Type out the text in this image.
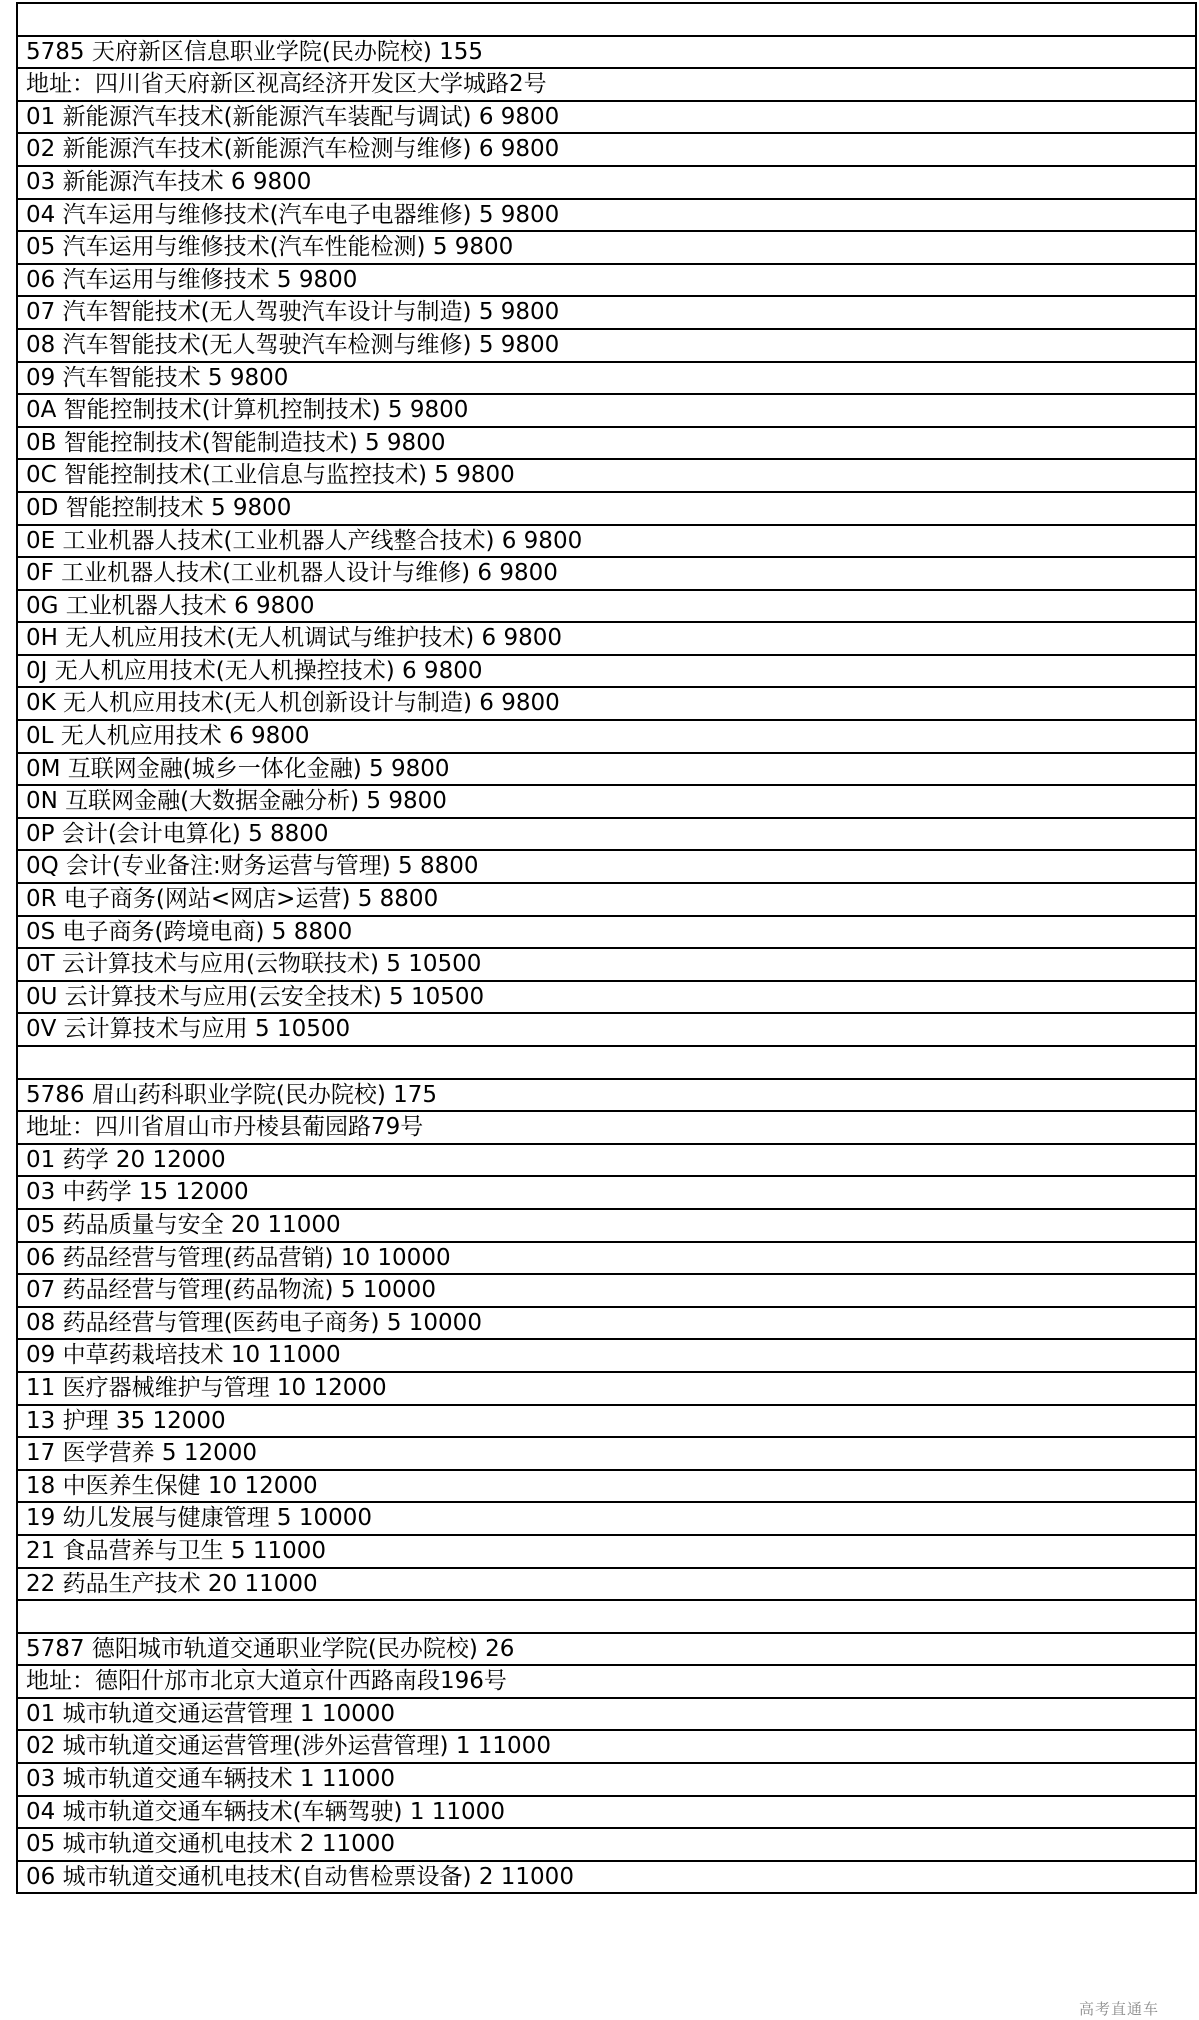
5785 天府新区信息职业学院(民办院校) 155
地址：四川省天府新区视高经济开发区大学城路2号
01 新能源汽车技术(新能源汽车装配与调试) 6 9800
02 新能源汽车技术(新能源汽车检测与维修) 6 9800
03 新能源汽车技术 6 9800
04 汽车运用与维修技术(汽车电子电器维修) 5 9800
05 汽车运用与维修技术(汽车性能检测) 5 9800
06 汽车运用与维修技术 5 9800
07 汽车智能技术(无人驾驶汽车设计与制造) 5 9800
08 汽车智能技术(无人驾驶汽车检测与维修) 5 9800
09 汽车智能技术 5 9800
0A 智能控制技术(计算机控制技术) 5 9800
0B 智能控制技术(智能制造技术) 5 9800
0C 智能控制技术(工业信息与监控技术) 5 9800
0D 智能控制技术 5 9800
0E 工业机器人技术(工业机器人产线整合技术) 6 9800
0F 工业机器人技术(工业机器人设计与维修) 6 9800
0G 工业机器人技术 6 9800
0H 无人机应用技术(无人机调试与维护技术) 6 9800
0J 无人机应用技术(无人机操控技术) 6 9800
0K 无人机应用技术(无人机创新设计与制造) 6 9800
0L 无人机应用技术 6 9800
0M 互联网金融(城乡一体化金融) 5 9800
0N 互联网金融(大数据金融分析) 5 9800
0P 会计(会计电算化) 5 8800
0Q 会计(专业备注:财务运营与管理) 5 8800
0R 电子商务(网站<网店>运营) 5 8800
0S 电子商务(跨境电商) 5 8800
0T 云计算技术与应用(云物联技术) 5 10500
0U 云计算技术与应用(云安全技术) 5 10500
0V 云计算技术与应用 5 10500
5786 眉山药科职业学院(民办院校) 175
地址：四川省眉山市丹棱县葡园路79号
01 药学 20 12000
03 中药学 15 12000
05 药品质量与安全 20 11000
06 药品经营与管理(药品营销) 10 10000
07 药品经营与管理(药品物流) 5 10000
08 药品经营与管理(医药电子商务) 5 10000
09 中草药栽培技术 10 11000
11 医疗器械维护与管理 10 12000
13 护理 35 12000
17 医学营养 5 12000
18 中医养生保健 10 12000
19 幼儿发展与健康管理 5 10000
21 食品营养与卫生 5 11000
22 药品生产技术 20 11000
5787 德阳城市轨道交通职业学院(民办院校) 26
地址：德阳什邡市北京大道京什西路南段196号
01 城市轨道交通运营管理 1 10000
02 城市轨道交通运营管理(涉外运营管理) 1 11000
03 城市轨道交通车辆技术 1 11000
04 城市轨道交通车辆技术(车辆驾驶) 1 11000
05 城市轨道交通机电技术 2 11000
06 城市轨道交通机电技术(自动售检票设备) 2 11000
高考直通车
